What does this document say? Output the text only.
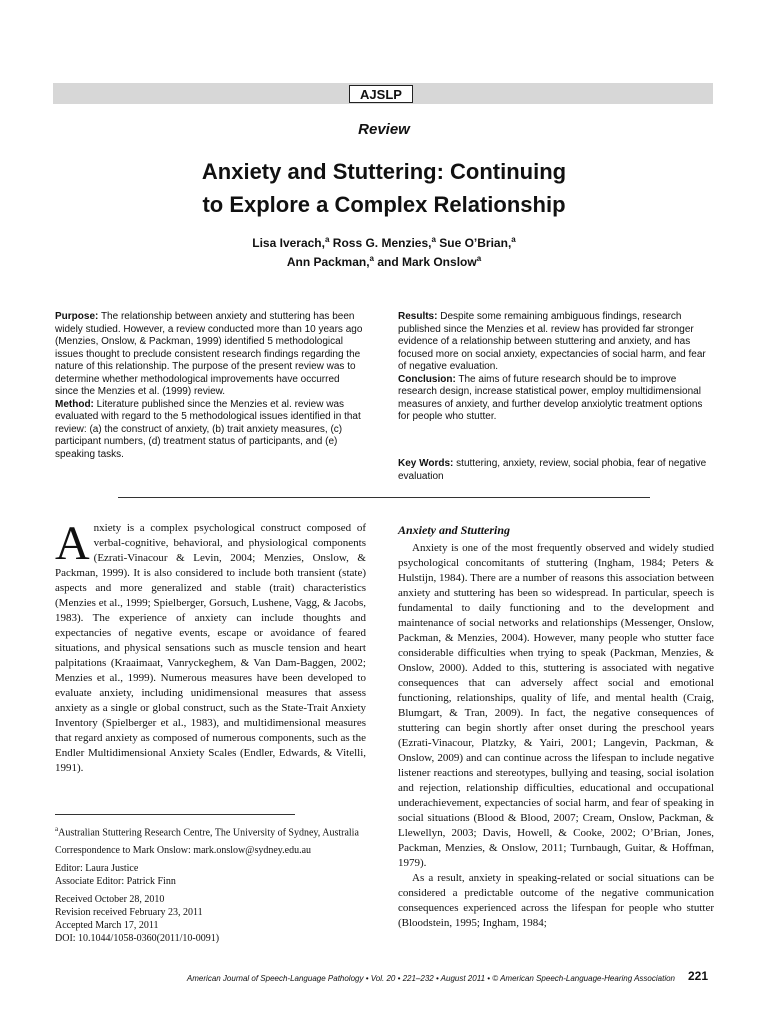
AJSLP
Review
Anxiety and Stuttering: Continuing
to Explore a Complex Relationship
Lisa Iverach,$^a$ Ross G. Menzies,$^a$ Sue O’Brian,$^a$
Ann Packman,$^a$ and Mark Onslow$^a$
Purpose: The relationship between anxiety and stuttering has been widely studied. However, a review conducted more than 10 years ago (Menzies, Onslow, & Packman, 1999) identified 5 methodological issues thought to preclude consistent research findings regarding the nature of this relationship. The purpose of the present review was to determine whether methodological improvements have occurred since the Menzies et al. (1999) review.
Method: Literature published since the Menzies et al. review was evaluated with regard to the 5 methodological issues identified in that review: (a) the construct of anxiety, (b) trait anxiety measures, (c) participant numbers, (d) treatment status of participants, and (e) speaking tasks.
Results: Despite some remaining ambiguous findings, research published since the Menzies et al. review has provided far stronger evidence of a relationship between stuttering and anxiety, and has focused more on social anxiety, expectancies of social harm, and fear of negative evaluation.
Conclusion: The aims of future research should be to improve research design, increase statistical power, employ multidimensional measures of anxiety, and further develop anxiolytic treatment options for people who stutter.
Key Words: stuttering, anxiety, review, social phobia, fear of negative evaluation
Anxiety is a complex psychological construct composed of verbal-cognitive, behavioral, and physiological components (Ezrati-Vinacour & Levin, 2004; Menzies, Onslow, & Packman, 1999). It is also considered to include both transient (state) aspects and more generalized and stable (trait) characteristics (Menzies et al., 1999; Spielberger, Gorsuch, Lushene, Vagg, & Jacobs, 1983). The experience of anxiety can include thoughts and expectancies of negative events, escape or avoidance of feared situations, and physical sensations such as muscle tension and heart palpitations (Kraaimaat, Vanryckeghem, & Van Dam-Baggen, 2002; Menzies et al., 1999). Numerous measures have been developed to evaluate anxiety, including unidimensional measures that assess anxiety as a single or global construct, such as the State-Trait Anxiety Inventory (Spielberger et al., 1983), and multidimensional measures that regard anxiety as composed of numerous components, such as the Endler Multidimensional Anxiety Scales (Endler, Edwards, & Vitelli, 1991).

$^a$Australian Stuttering Research Centre, The University of Sydney, Australia

Correspondence to Mark Onslow: mark.onslow@sydney.edu.au

Editor: Laura Justice

Associate Editor: Patrick Finn

Received October 28, 2010

Revision received February 23, 2011

Accepted March 17, 2011

DOI: 10.1044/1058-0360(2011/10-0091)

Anxiety and Stuttering
Anxiety is one of the most frequently observed and widely studied psychological concomitants of stuttering (Ingham, 1984; Peters & Hulstijn, 1984). There are a number of reasons this association between anxiety and stuttering has been so widespread. In particular, speech is fundamental to daily functioning and to the development and maintenance of social networks and relationships (Messenger, Onslow, Packman, & Menzies, 2004). However, many people who stutter face considerable difficulties when trying to speak (Packman, Menzies, & Onslow, 2000). Added to this, stuttering is associated with negative consequences that can adversely affect social and emotional functioning, relationships, quality of life, and mental health (Craig, Blumgart, & Tran, 2009). In fact, the negative consequences of stuttering can begin shortly after onset during the preschool years (Ezrati-Vinacour, Platzky, & Yairi, 2001; Langevin, Packman, & Onslow, 2009) and can continue across the lifespan to include negative listener reactions and stereotypes, bullying and teasing, social isolation and rejection, relationship difficulties, educational and occupational underachievement, expectancies of social harm, and fear of speaking in social situations (Blood & Blood, 2007; Cream, Onslow, Packman, & Llewellyn, 2003; Davis, Howell, & Cooke, 2002; O’Brian, Jones, Packman, Menzies, & Onslow, 2011; Turnbaugh, Guitar, & Hoffman, 1979).
As a result, anxiety in speaking-related or social situations can be considered a predictable outcome of the negative communication consequences experienced across the lifespan for people who stutter (Bloodstein, 1995; Ingham, 1984;
American Journal of Speech-Language Pathology • Vol. 20 • 221–232 • August 2011 • © American Speech-Language-Hearing Association 221
